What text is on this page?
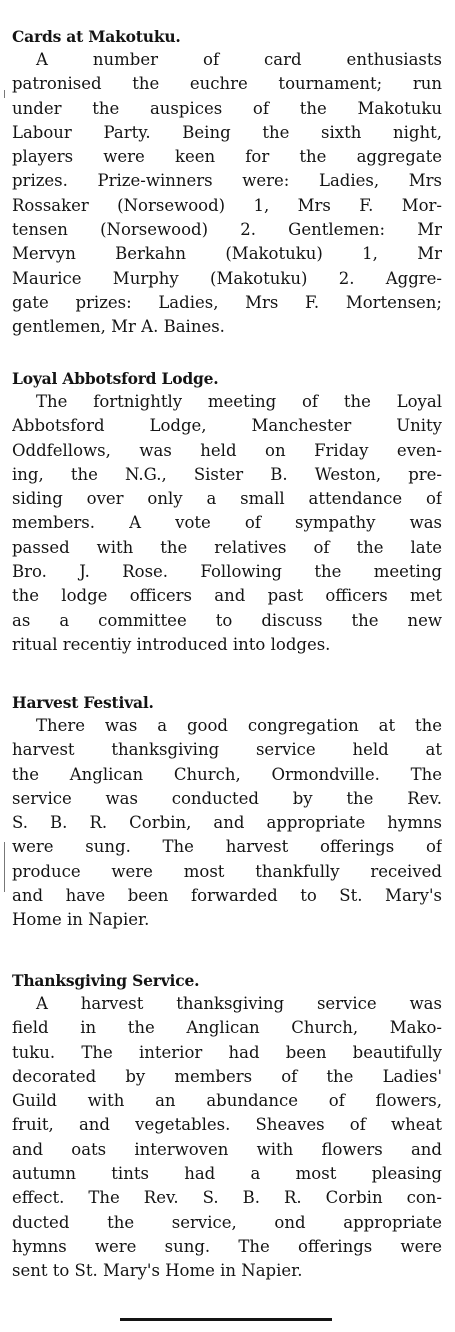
Cards at Makotuku.
A number of card enthusiasts
patronised the euchre tournament; run
under the auspices of the Makotuku
Labour Party. Being the sixth night,
players were keen for the aggregate
prizes. Prize-winners were: Ladies, Mrs
Rossaker (Norsewood) 1, Mrs F. Mor-
tensen (Norsewood) 2. Gentlemen: Mr
Mervyn Berkahn (Makotuku) 1, Mr
Maurice Murphy (Makotuku) 2. Aggre-
gate prizes: Ladies, Mrs F. Mortensen;
gentlemen, Mr A. Baines.
Loyal Abbotsford Lodge.
The fortnightly meeting of the Loyal
Abbotsford Lodge, Manchester Unity
Oddfellows, was held on Friday even-
ing, the N.G., Sister B. Weston, pre-
siding over only a small attendance of
members. A vote of sympathy was
passed with the relatives of the late
Bro. J. Rose. Following the meeting
the lodge officers and past officers met
as a committee to discuss the new
ritual recentiy introduced into lodges.
Harvest Festival.
There was a good congregation at the
harvest thanksgiving service held at
the Anglican Church, Ormondville. The
service was conducted by the Rev.
S. B. R. Corbin, and appropriate hymns
were sung. The harvest offerings of
produce were most thankfully received
and have been forwarded to St. Mary's
Home in Napier.
Thanksgiving Service.
A harvest thanksgiving service was
field in the Anglican Church, Mako-
tuku. The interior had been beautifully
decorated by members of the Ladies'
Guild with an abundance of flowers,
fruit, and vegetables. Sheaves of wheat
and oats interwoven with flowers and
autumn tints had a most pleasing
effect. The Rev. S. B. R. Corbin con-
ducted the service, ond appropriate
hymns were sung. The offerings were
sent to St. Mary's Home in Napier.
